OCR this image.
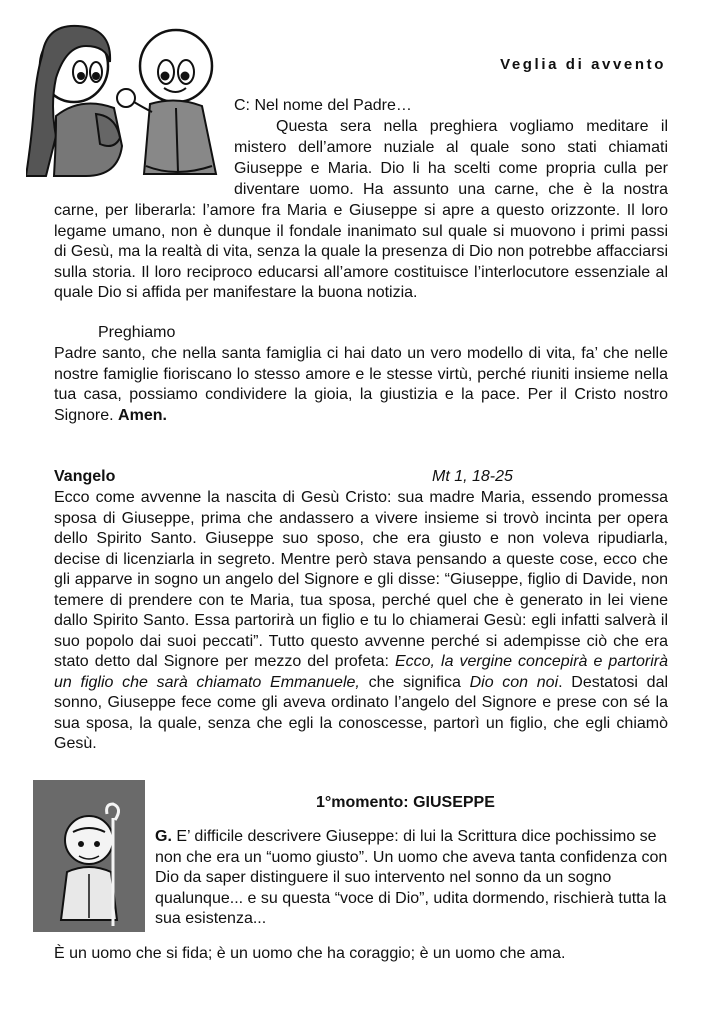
Veglia di avvento
C: Nel nome del Padre…
Questa sera nella preghiera vogliamo meditare il
mistero dell’amore nuziale al quale sono stati chiamati
Giuseppe e Maria. Dio li ha scelti come propria culla per
diventare uomo. Ha assunto una carne, che è la nostra
carne, per liberarla: l’amore fra Maria e Giuseppe si apre a questo orizzonte. Il loro legame umano, non è dunque il fondale inanimato sul quale si muovono i primi passi di Gesù, ma la realtà di vita, senza la quale la presenza di Dio non potrebbe affacciarsi sulla storia. Il loro reciproco educarsi all’amore costituisce l’interlocutore essenziale al quale Dio si affida per manifestare la buona notizia.
Preghiamo
Padre santo, che nella santa famiglia ci hai dato un vero modello di vita, fa’ che nelle nostre famiglie fioriscano lo stesso amore e le stesse virtù, perché riuniti insieme nella tua casa, possiamo condividere la gioia, la giustizia e la pace. Per il Cristo nostro Signore. Amen.
Vangelo	Mt 1, 18-25
Ecco come avvenne la nascita di Gesù Cristo: sua madre Maria, essendo promessa sposa di Giuseppe, prima che andassero a vivere insieme si trovò incinta per opera dello Spirito Santo. Giuseppe suo sposo, che era giusto e non voleva ripudiarla, decise di licenziarla in segreto. Mentre però stava pensando a queste cose, ecco che gli apparve in sogno un angelo del Signore e gli disse: “Giuseppe, figlio di Davide, non temere di prendere con te Maria, tua sposa, perché quel che è generato in lei viene dallo Spirito Santo. Essa partorirà un figlio e tu lo chiamerai Gesù: egli infatti salverà il suo popolo dai suoi peccati”. Tutto questo avvenne perché si adempisse ciò che era stato detto dal Signore per mezzo del profeta: Ecco, la vergine concepirà e partorirà un figlio che sarà chiamato Emmanuele, che significa Dio con noi. Destatosi dal sonno, Giuseppe fece come gli aveva ordinato l’angelo del Signore e prese con sé la sua sposa, la quale, senza che egli la conoscesse, partorì un figlio, che egli chiamò Gesù.
1°momento: GIUSEPPE
G. E’ difficile descrivere Giuseppe: di lui la Scrittura dice pochissimo se non che era un “uomo giusto”. Un uomo che aveva tanta confidenza con Dio da saper distinguere il suo intervento nel sonno da un sogno qualunque... e su questa “voce di Dio”, udita dormendo, rischierà tutta la sua esistenza...
È un uomo che si fida; è un uomo che ha coraggio; è un uomo che ama.
